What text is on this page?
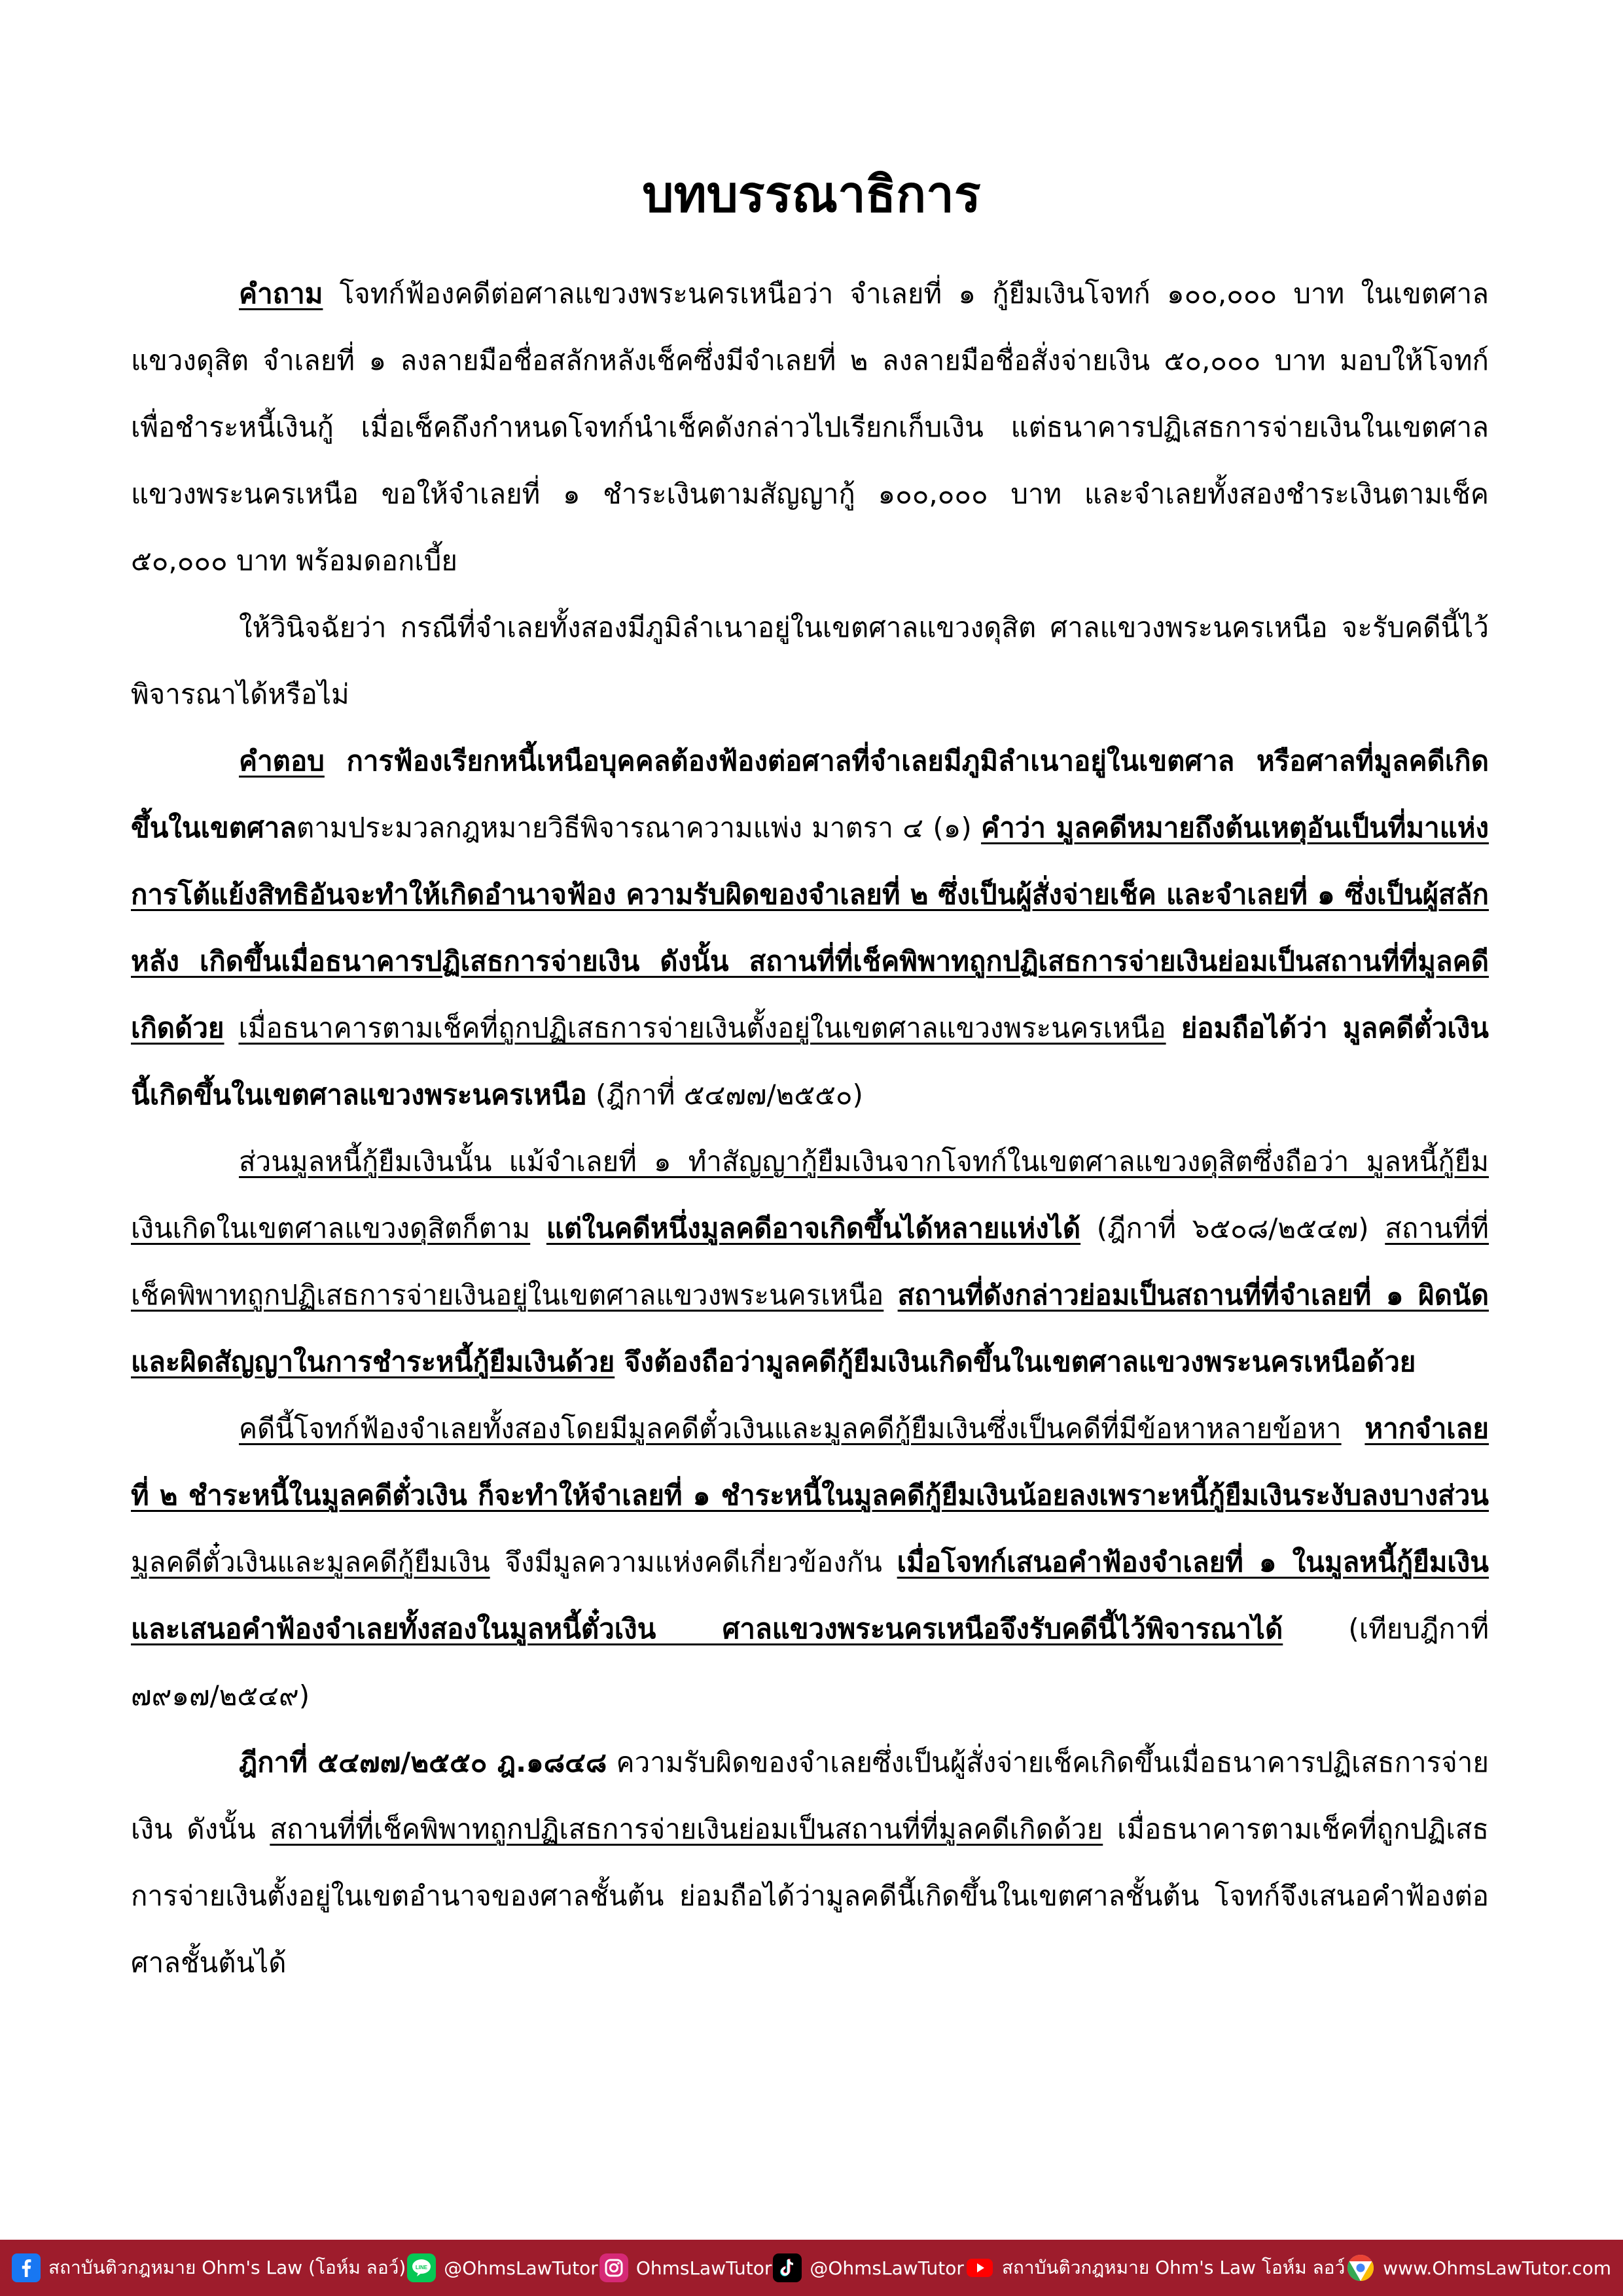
บทบรรณาธิการ

คำถาม โจทก์ฟ้องคดีต่อศาลแขวงพระนครเหนือว่า จำเลยที่ ๑ กู้ยืมเงินโจทก์ ๑๐๐,๐๐๐ บาท ในเขตศาลแขวงดุสิต จำเลยที่ ๑ ลงลายมือชื่อสลักหลังเช็คซึ่งมีจำเลยที่ ๒ ลงลายมือชื่อสั่งจ่ายเงิน ๕๐,๐๐๐ บาท มอบให้โจทก์เพื่อชำระหนี้เงินกู้ เมื่อเช็คถึงกำหนดโจทก์นำเช็คดังกล่าวไปเรียกเก็บเงิน แต่ธนาคารปฏิเสธการจ่ายเงินในเขตศาลแขวงพระนครเหนือ ขอให้จำเลยที่ ๑ ชำระเงินตามสัญญากู้ ๑๐๐,๐๐๐ บาท และจำเลยทั้งสองชำระเงินตามเช็ค ๕๐,๐๐๐ บาท พร้อมดอกเบี้ย

ให้วินิจฉัยว่า กรณีที่จำเลยทั้งสองมีภูมิลำเนาอยู่ในเขตศาลแขวงดุสิต ศาลแขวงพระนครเหนือ จะรับคดีนี้ไว้พิจารณาได้หรือไม่

คำตอบ การฟ้องเรียกหนี้เหนือบุคคลต้องฟ้องต่อศาลที่จำเลยมีภูมิลำเนาอยู่ในเขตศาล หรือศาลที่มูลคดีเกิดขึ้นในเขตศาลตามประมวลกฎหมายวิธีพิจารณาความแพ่ง มาตรา ๔ (๑) คำว่า มูลคดีหมายถึงต้นเหตุอันเป็นที่มาแห่งการโต้แย้งสิทธิอันจะทำให้เกิดอำนาจฟ้อง ความรับผิดของจำเลยที่ ๒ ซึ่งเป็นผู้สั่งจ่ายเช็ค และจำเลยที่ ๑ ซึ่งเป็นผู้สลักหลัง เกิดขึ้นเมื่อธนาคารปฏิเสธการจ่ายเงิน ดังนั้น สถานที่ที่เช็คพิพาทถูกปฏิเสธการจ่ายเงินย่อมเป็นสถานที่ที่มูลคดีเกิดด้วย เมื่อธนาคารตามเช็คที่ถูกปฏิเสธการจ่ายเงินตั้งอยู่ในเขตศาลแขวงพระนครเหนือ ย่อมถือได้ว่า มูลคดีตั๋วเงินนี้เกิดขึ้นในเขตศาลแขวงพระนครเหนือ (ฎีกาที่ ๕๔๗๗/๒๕๕๐)

ส่วนมูลหนี้กู้ยืมเงินนั้น แม้จำเลยที่ ๑ ทำสัญญากู้ยืมเงินจากโจทก์ในเขตศาลแขวงดุสิตซึ่งถือว่า มูลหนี้กู้ยืมเงินเกิดในเขตศาลแขวงดุสิตก็ตาม แต่ในคดีหนึ่งมูลคดีอาจเกิดขึ้นได้หลายแห่งได้ (ฎีกาที่ ๖๕๐๘/๒๕๔๗) สถานที่ที่เช็คพิพาทถูกปฏิเสธการจ่ายเงินอยู่ในเขตศาลแขวงพระนครเหนือ สถานที่ดังกล่าวย่อมเป็นสถานที่ที่จำเลยที่ ๑ ผิดนัดและผิดสัญญาในการชำระหนี้กู้ยืมเงินด้วย จึงต้องถือว่ามูลคดีกู้ยืมเงินเกิดขึ้นในเขตศาลแขวงพระนครเหนือด้วย

คดีนี้โจทก์ฟ้องจำเลยทั้งสองโดยมีมูลคดีตั๋วเงินและมูลคดีกู้ยืมเงินซึ่งเป็นคดีที่มีข้อหาหลายข้อหา หากจำเลยที่ ๒ ชำระหนี้ในมูลคดีตั๋วเงิน ก็จะทำให้จำเลยที่ ๑ ชำระหนี้ในมูลคดีกู้ยืมเงินน้อยลงเพราะหนี้กู้ยืมเงินระงับลงบางส่วน มูลคดีตั๋วเงินและมูลคดีกู้ยืมเงิน จึงมีมูลความแห่งคดีเกี่ยวข้องกัน เมื่อโจทก์เสนอคำฟ้องจำเลยที่ ๑ ในมูลหนี้กู้ยืมเงินและเสนอคำฟ้องจำเลยทั้งสองในมูลหนี้ตั๋วเงิน ศาลแขวงพระนครเหนือจึงรับคดีนี้ไว้พิจารณาได้ (เทียบฎีกาที่ ๗๙๑๗/๒๕๔๙)

ฎีกาที่ ๕๔๗๗/๒๕๕๐ ฎ.๑๘๔๘ ความรับผิดของจำเลยซึ่งเป็นผู้สั่งจ่ายเช็คเกิดขึ้นเมื่อธนาคารปฏิเสธการจ่ายเงิน ดังนั้น สถานที่ที่เช็คพิพาทถูกปฏิเสธการจ่ายเงินย่อมเป็นสถานที่ที่มูลคดีเกิดด้วย เมื่อธนาคารตามเช็คที่ถูกปฏิเสธการจ่ายเงินตั้งอยู่ในเขตอำนาจของศาลชั้นต้น ย่อมถือได้ว่ามูลคดีนี้เกิดขึ้นในเขตศาลชั้นต้น โจทก์จึงเสนอคำฟ้องต่อศาลชั้นต้นได้

สถาบันติวกฎหมาย Ohm's Law (โอห์ม ลอว์) LINE @OhmsLawTutor OhmsLawTutor @OhmsLawTutor สถาบันติวกฎหมาย Ohm's Law โอห์ม ลอว์ www.OhmsLawTutor.com
